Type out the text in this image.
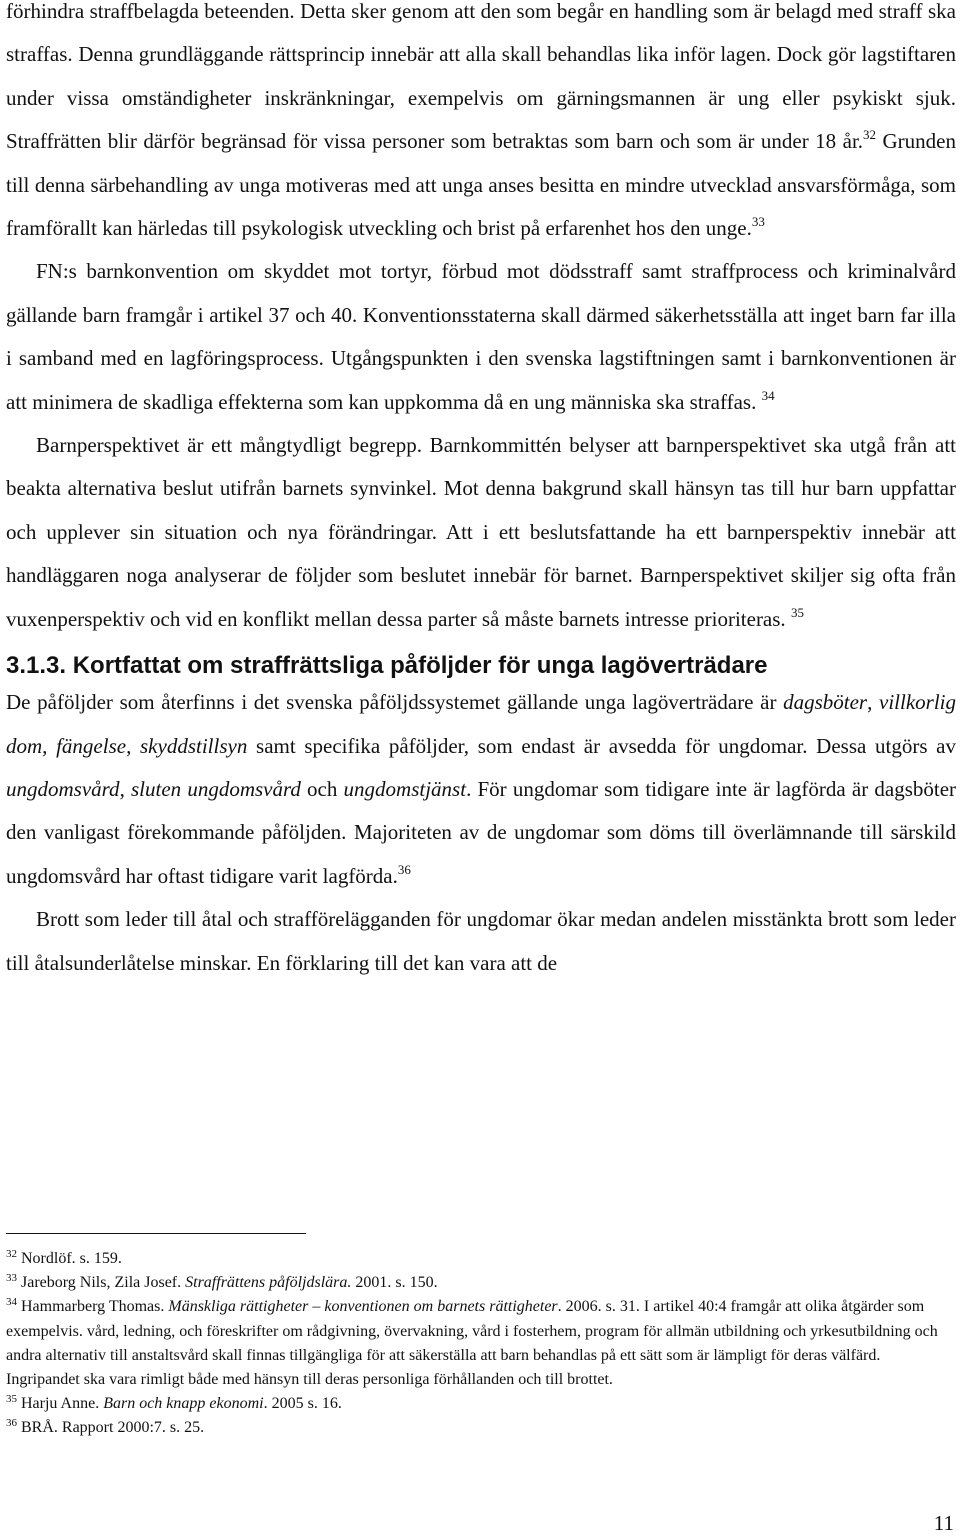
förhindra straffbelagda beteenden. Detta sker genom att den som begår en handling som är belagd med straff ska straffas. Denna grundläggande rättsprincip innebär att alla skall behandlas lika inför lagen. Dock gör lagstiftaren under vissa omständigheter inskränkningar, exempelvis om gärningsmannen är ung eller psykiskt sjuk. Straffrätten blir därför begränsad för vissa personer som betraktas som barn och som är under 18 år.$^{32}$ Grunden till denna särbehandling av unga motiveras med att unga anses besitta en mindre utvecklad ansvarsförmåga, som framförallt kan härledas till psykologisk utveckling och brist på erfarenhet hos den unge.$^{33}$

FN:s barnkonvention om skyddet mot tortyr, förbud mot dödsstraff samt straffprocess och kriminalvård gällande barn framgår i artikel 37 och 40. Konventionsstaterna skall därmed säkerhetsställa att inget barn far illa i samband med en lagföringsprocess. Utgångspunkten i den svenska lagstiftningen samt i barnkonventionen är att minimera de skadliga effekterna som kan uppkomma då en ung människa ska straffas. $^{34}$

Barnperspektivet är ett mångtydligt begrepp. Barnkommittén belyser att barnperspektivet ska utgå från att beakta alternativa beslut utifrån barnets synvinkel. Mot denna bakgrund skall hänsyn tas till hur barn uppfattar och upplever sin situation och nya förändringar. Att i ett beslutsfattande ha ett barnperspektiv innebär att handläggaren noga analyserar de följder som beslutet innebär för barnet. Barnperspektivet skiljer sig ofta från vuxenperspektiv och vid en konflikt mellan dessa parter så måste barnets intresse prioriteras. $^{35}$

3.1.3. Kortfattat om straffrättsliga påföljder för unga lagöverträdare

De påföljder som återfinns i det svenska påföljdssystemet gällande unga lagöverträdare är dagsböter, villkorlig dom, fängelse, skyddstillsyn samt specifika påföljder, som endast är avsedda för ungdomar. Dessa utgörs av ungdomsvård, sluten ungdomsvård och ungdomstjänst. För ungdomar som tidigare inte är lagförda är dagsböter den vanligast förekommande påföljden. Majoriteten av de ungdomar som döms till överlämnande till särskild ungdomsvård har oftast tidigare varit lagförda.$^{36}$

Brott som leder till åtal och strafförelägganden för ungdomar ökar medan andelen misstänkta brott som leder till åtalsunderlåtelse minskar. En förklaring till det kan vara att de

$^{32}$ Nordlöf. s. 159.

$^{33}$ Jareborg Nils, Zila Josef. Straffrättens påföljdslära. 2001. s. 150.

$^{34}$ Hammarberg Thomas. Mänskliga rättigheter – konventionen om barnets rättigheter. 2006. s. 31. I artikel 40:4 framgår att olika åtgärder som exempelvis. vård, ledning, och föreskrifter om rådgivning, övervakning, vård i fosterhem, program för allmän utbildning och yrkesutbildning och andra alternativ till anstaltsvård skall finnas tillgängliga för att säkerställa att barn behandlas på ett sätt som är lämpligt för deras välfärd. Ingripandet ska vara rimligt både med hänsyn till deras personliga förhållanden och till brottet.

$^{35}$ Harju Anne. Barn och knapp ekonomi. 2005 s. 16.

$^{36}$ BRÅ. Rapport 2000:7. s. 25.

11
